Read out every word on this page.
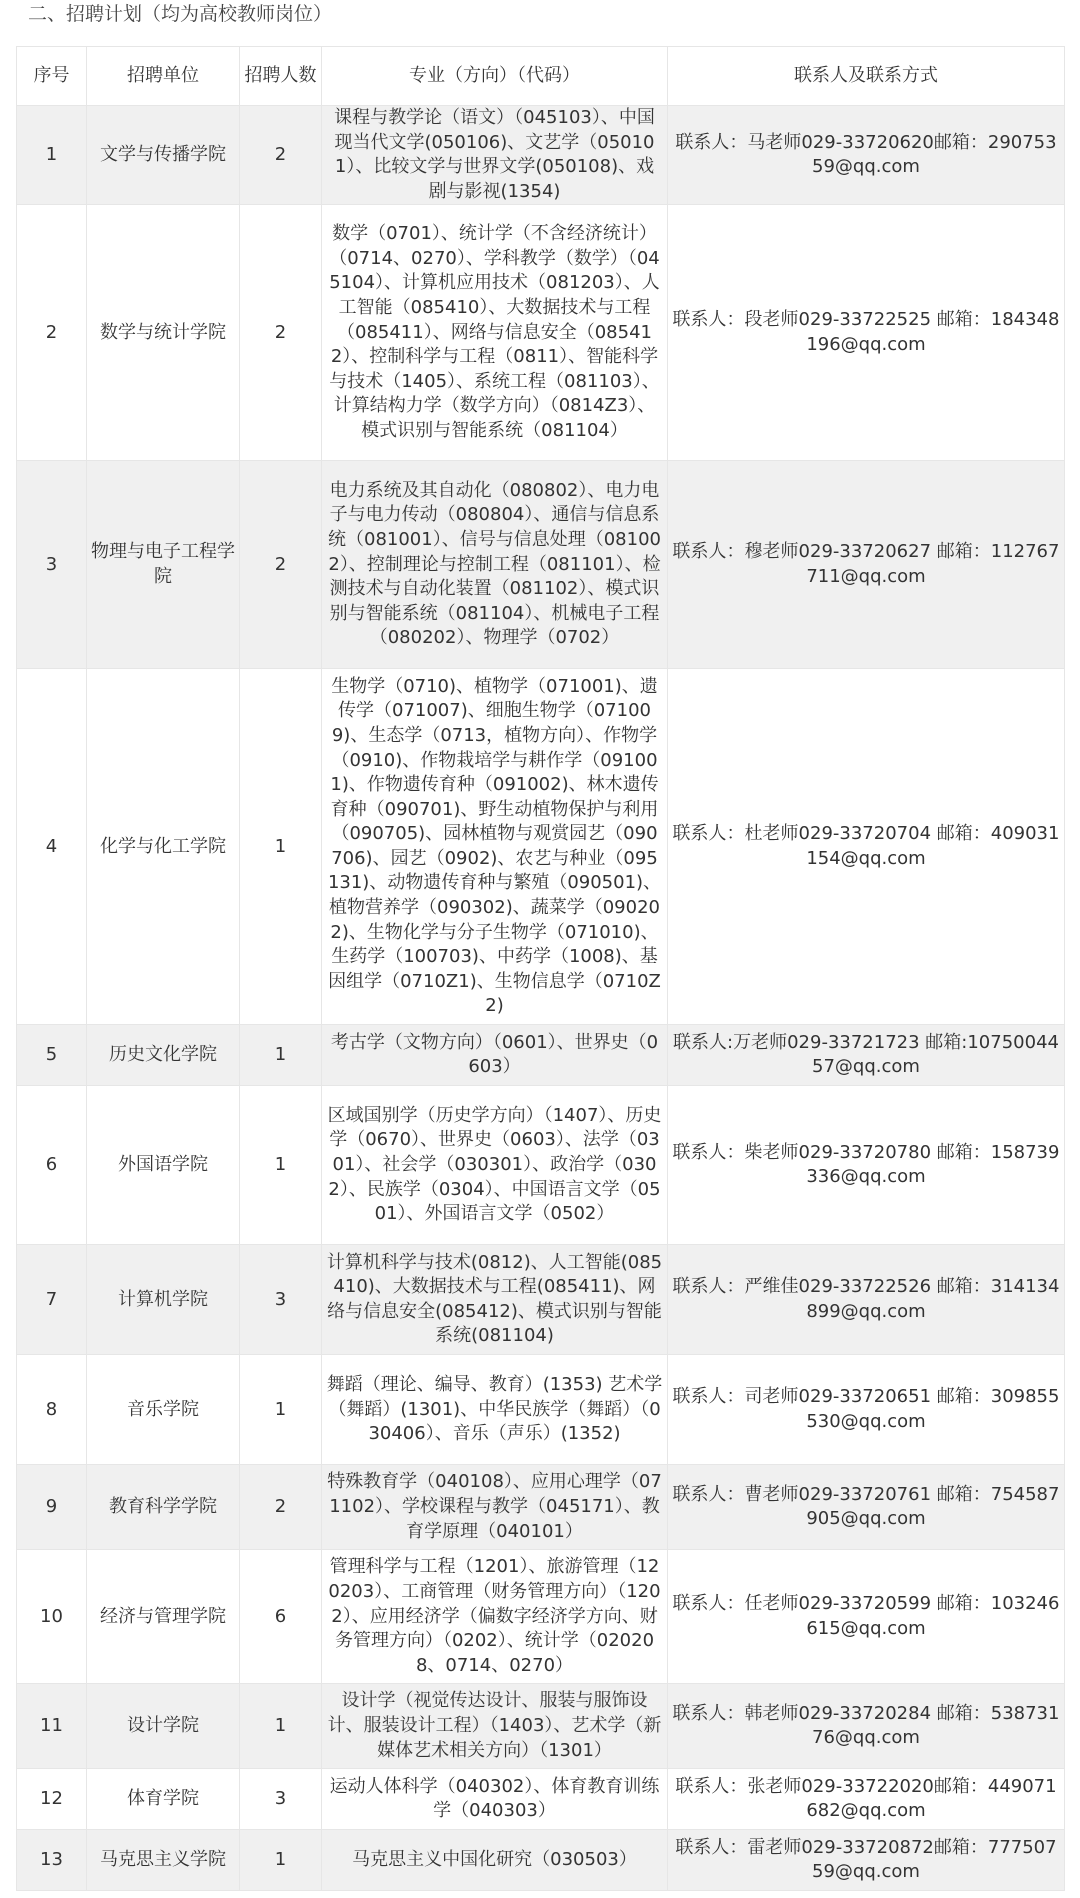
二、招聘计划（均为高校教师岗位）
序号	招聘单位	招聘人数	专业（方向）（代码）	联系人及联系方式
1	文学与传播学院	2	课程与教学论（语文）（045103）、中国现当代文学(050106)、文艺学（050101）、比较文学与世界文学(050108)、戏剧与影视(1354)	联系人：马老师029-33720620邮箱：29075359@qq.com
2	数学与统计学院	2	数学（0701）、统计学（不含经济统计）（0714、0270）、学科教学（数学）（045104）、计算机应用技术（081203）、人工智能（085410）、大数据技术与工程（085411）、网络与信息安全（085412）、控制科学与工程（0811）、智能科学与技术（1405）、系统工程（081103）、计算结构力学（数学方向）（0814Z3）、模式识别与智能系统（081104）	联系人：段老师029-33722525 邮箱：184348196@qq.com
3	物理与电子工程学院	2	电力系统及其自动化（080802）、电力电子与电力传动（080804）、通信与信息系统（081001）、信号与信息处理（081002）、控制理论与控制工程（081101）、检测技术与自动化装置（081102）、模式识别与智能系统（081104）、机械电子工程（080202）、物理学（0702）	联系人：穆老师029-33720627 邮箱：112767711@qq.com
4	化学与化工学院	1	生物学（0710)、植物学（071001)、遗传学（071007)、细胞生物学（071009)、生态学（0713，植物方向）、作物学（0910)、作物栽培学与耕作学（091001)、作物遗传育种（091002)、林木遗传育种（090701)、野生动植物保护与利用（090705)、园林植物与观赏园艺（090706)、园艺（0902)、农艺与种业（095131)、动物遗传育种与繁殖（090501)、植物营养学（090302)、蔬菜学（090202)、生物化学与分子生物学（071010)、生药学（100703)、中药学（1008)、基因组学（0710Z1)、生物信息学（0710Z2)	联系人：杜老师029-33720704 邮箱：409031154@qq.com
5	历史文化学院	1	考古学（文物方向）（0601）、世界史（0603）	联系人:万老师029-33721723 邮箱:1075004457@qq.com
6	外国语学院	1	区域国别学（历史学方向）（1407）、历史学（0670）、世界史（0603）、法学（0301）、社会学（030301）、政治学（0302）、民族学（0304）、中国语言文学（0501）、外国语言文学（0502）	联系人：柴老师029-33720780 邮箱：158739336@qq.com
7	计算机学院	3	计算机科学与技术(0812)、人工智能(085410)、大数据技术与工程(085411)、网络与信息安全(085412)、模式识别与智能系统(081104)	联系人：严维佳029-33722526 邮箱：314134899@qq.com
8	音乐学院	1	舞蹈（理论、编导、教育）(1353) 艺术学（舞蹈）(1301)、中华民族学（舞蹈）（030406）、音乐（声乐）(1352)	联系人：司老师029-33720651 邮箱：309855530@qq.com
9	教育科学学院	2	特殊教育学（040108）、应用心理学（071102）、学校课程与教学（045171）、教育学原理（040101）	联系人：曹老师029-33720761 邮箱：754587905@qq.com
10	经济与管理学院	6	管理科学与工程（1201）、旅游管理（120203）、工商管理（财务管理方向）（1202）、应用经济学（偏数字经济学方向、财务管理方向）（0202）、统计学（020208、0714、0270）	联系人：任老师029-33720599 邮箱：103246615@qq.com
11	设计学院	1	设计学（视觉传达设计、服装与服饰设计、服装设计工程）（1403）、艺术学（新媒体艺术相关方向）（1301）	联系人：韩老师029-33720284 邮箱：53873176@qq.com
12	体育学院	3	运动人体科学（040302）、体育教育训练学（040303）	联系人：张老师029-33722020邮箱：449071682@qq.com
13	马克思主义学院	1	马克思主义中国化研究（030503）	联系人：雷老师029-33720872邮箱：77750759@qq.com
